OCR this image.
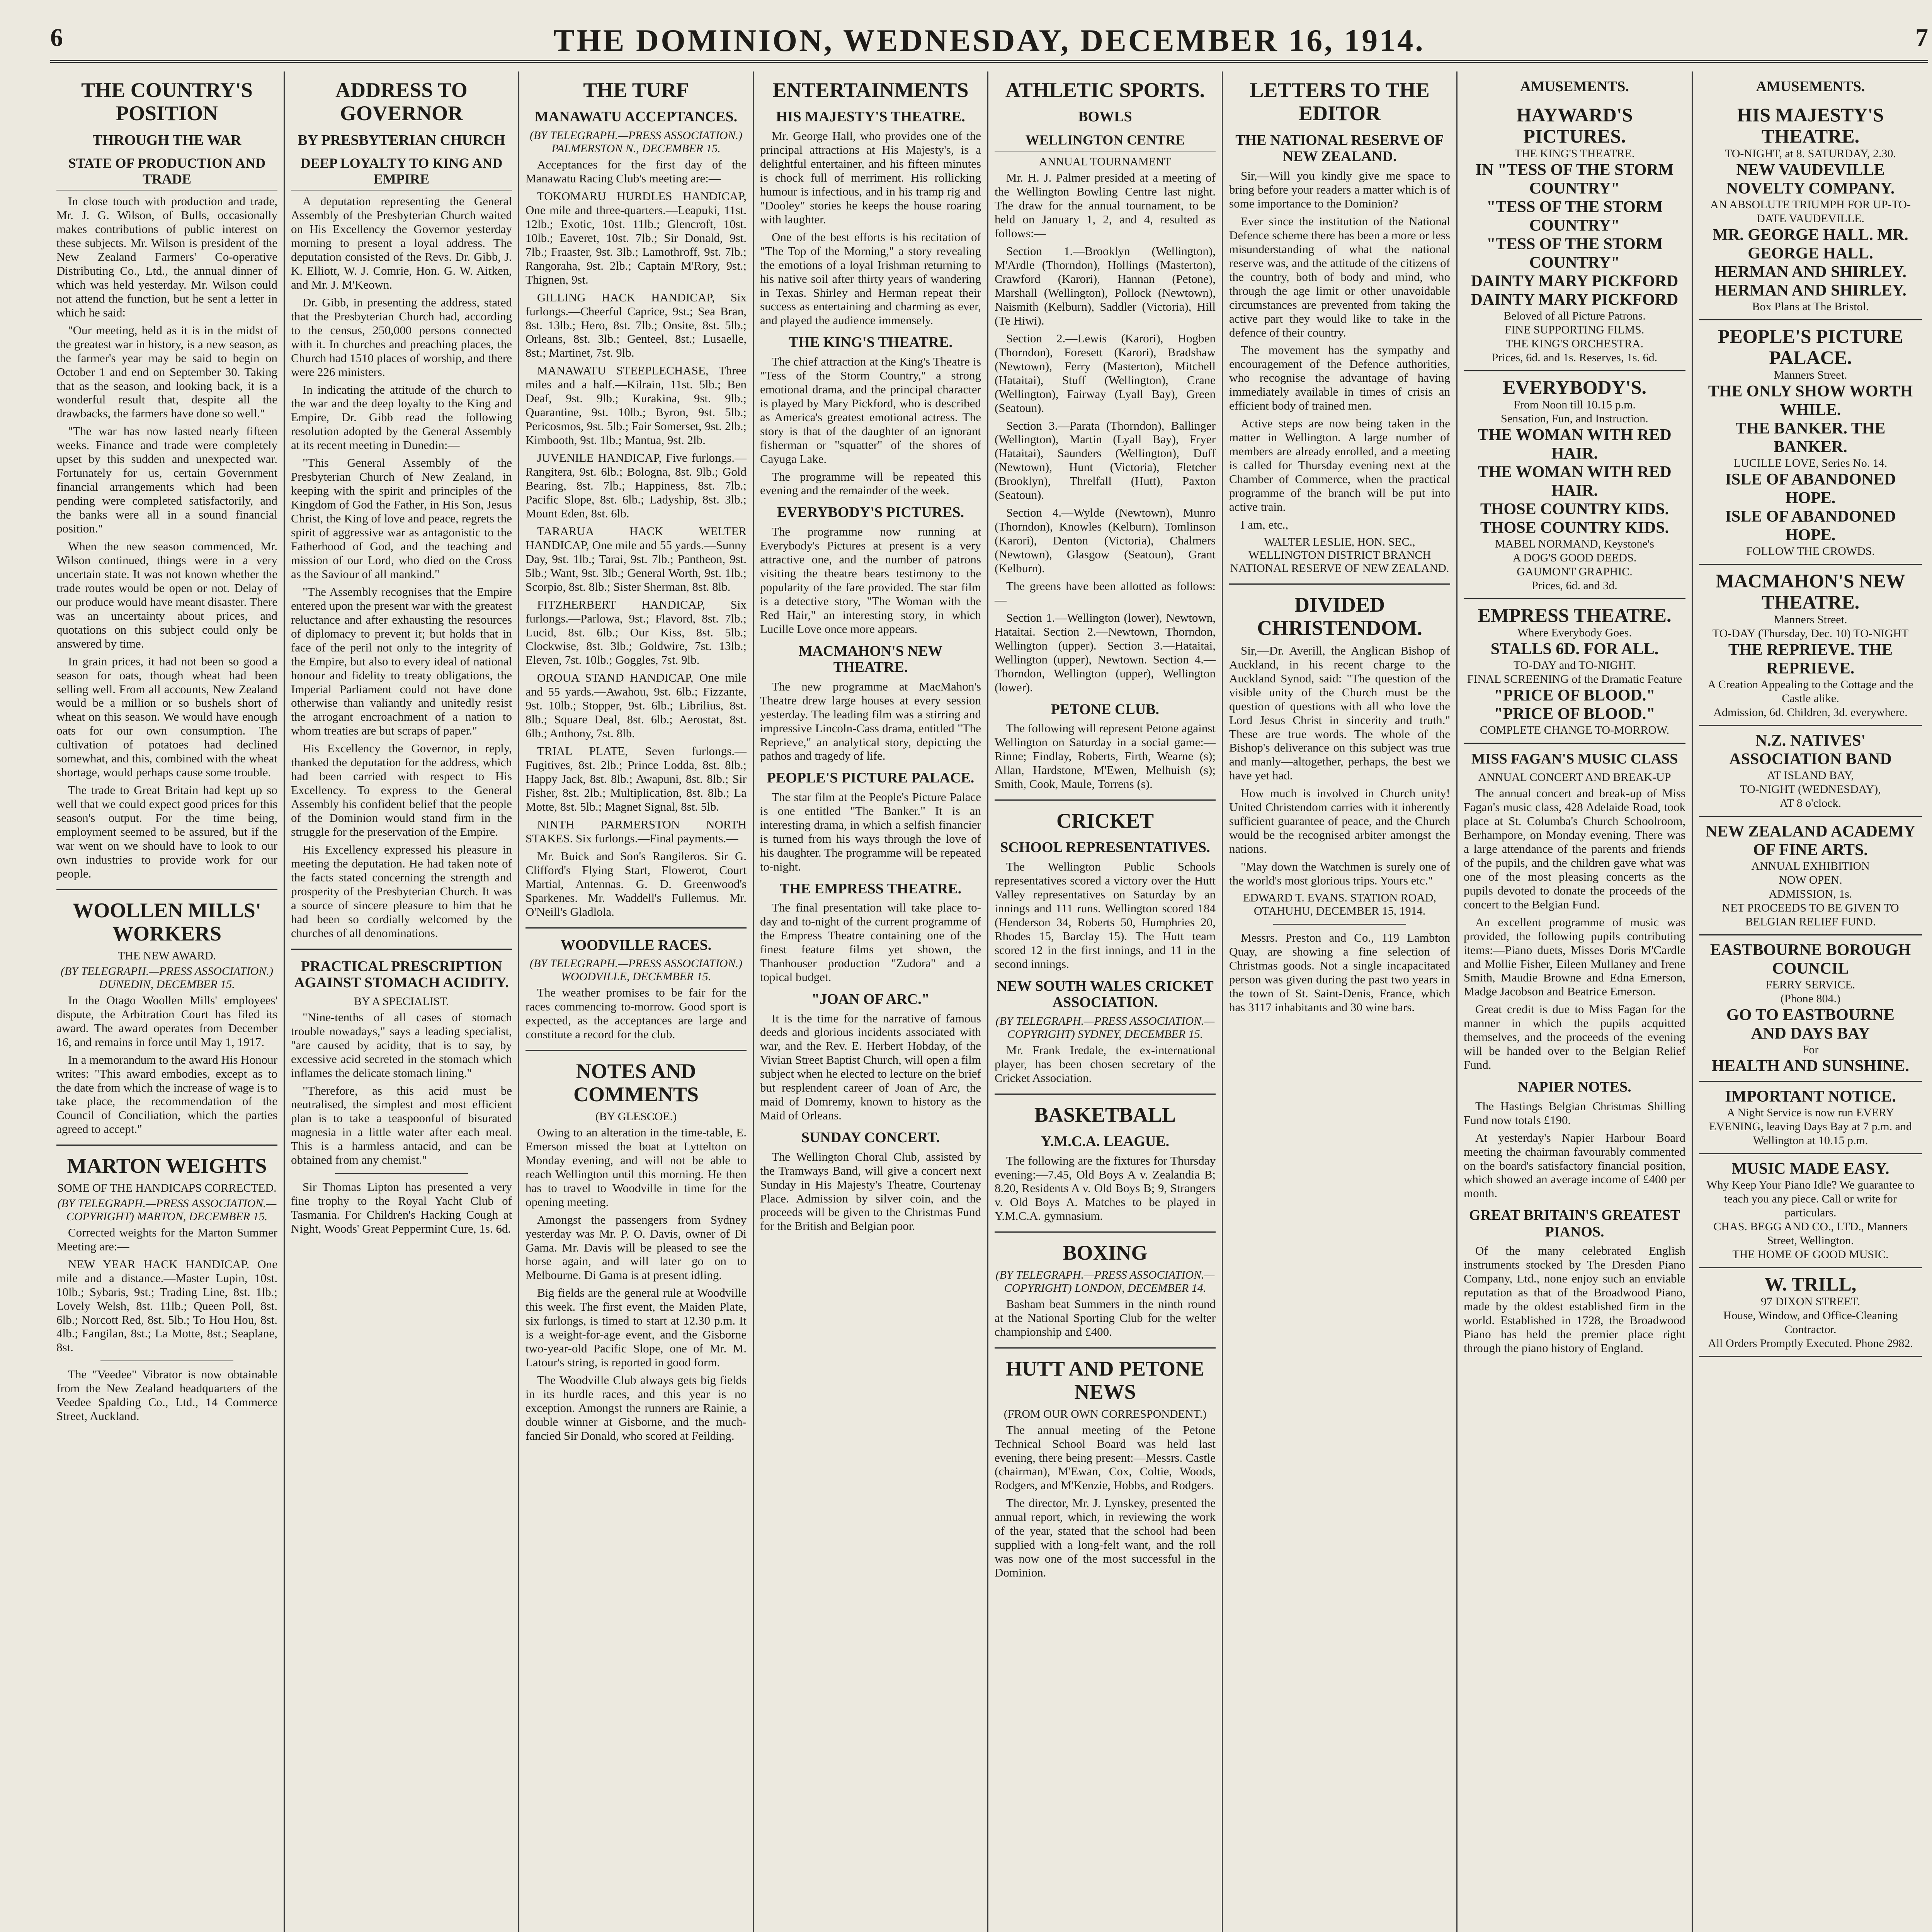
6	THE DOMINION, WEDNESDAY, DECEMBER 16, 1914.	7
THE COUNTRY'S POSITION
THROUGH THE WAR
STATE OF PRODUCTION AND TRADE

In close touch with production and trade, Mr. J. G. Wilson, of Bulls, occasionally makes contributions of public interest on these subjects. Mr. Wilson is president of the New Zealand Farmers' Co-operative Distributing Co., Ltd., the annual dinner of which was held yesterday. Mr. Wilson could not attend the function, but he sent a letter in which he said:

"Our meeting, held as it is in the midst of the greatest war in history, is a new season, as the farmer's year may be said to begin on October 1 and end on September 30. Taking that as the season, and looking back, it is a wonderful result that, despite all the drawbacks, the farmers have done so well."

"The war has now lasted nearly fifteen weeks. Finance and trade were completely upset by this sudden and unexpected war. Fortunately for us, certain Government financial arrangements which had been pending were completed satisfactorily, and the banks were all in a sound financial position."

When the new season commenced, Mr. Wilson continued, things were in a very uncertain state. It was not known whether the trade routes would be open or not. Delay of our produce would have meant disaster. There was an uncertainty about prices, and quotations on this subject could only be answered by time.

In grain prices, it had not been so good a season for oats, though wheat had been selling well. From all accounts, New Zealand would be a million or so bushels short of wheat on this season. We would have enough oats for our own consumption. The cultivation of potatoes had declined somewhat, and this, combined with the wheat shortage, would perhaps cause some trouble.

The trade to Great Britain had kept up so well that we could expect good prices for this season's output. For the time being, employment seemed to be assured, but if the war went on we should have to look to our own industries to provide work for our people.

WOOLLEN MILLS' WORKERS
THE NEW AWARD.
(BY TELEGRAPH.—PRESS ASSOCIATION.) DUNEDIN, DECEMBER 15.

In the Otago Woollen Mills' employees' dispute, the Arbitration Court has filed its award. The award operates from December 16, and remains in force until May 1, 1917.

In a memorandum to the award His Honour writes: "This award embodies, except as to the date from which the increase of wage is to take place, the recommendation of the Council of Conciliation, which the parties agreed to accept."

MARTON WEIGHTS
SOME OF THE HANDICAPS CORRECTED.
(BY TELEGRAPH.—PRESS ASSOCIATION.—COPYRIGHT) MARTON, DECEMBER 15.

Corrected weights for the Marton Summer Meeting are:—

NEW YEAR HACK HANDICAP. One mile and a distance.—Master Lupin, 10st. 10lb.; Sybaris, 9st.; Trading Line, 8st. 1lb.; Lovely Welsh, 8st. 11lb.; Queen Poll, 8st. 6lb.; Norcott Red, 8st. 5lb.; To Hou Hou, 8st. 4lb.; Fangilan, 8st.; La Motte, 8st.; Seaplane, 8st.

The "Veedee" Vibrator is now obtainable from the New Zealand headquarters of the Veedee Spalding Co., Ltd., 14 Commerce Street, Auckland.

ADDRESS TO GOVERNOR
BY PRESBYTERIAN CHURCH
DEEP LOYALTY TO KING AND EMPIRE

A deputation representing the General Assembly of the Presbyterian Church waited on His Excellency the Governor yesterday morning to present a loyal address. The deputation consisted of the Revs. Dr. Gibb, J. K. Elliott, W. J. Comrie, Hon. G. W. Aitken, and Mr. J. M'Keown.

Dr. Gibb, in presenting the address, stated that the Presbyterian Church had, according to the census, 250,000 persons connected with it. In churches and preaching places, the Church had 1510 places of worship, and there were 226 ministers.

In indicating the attitude of the church to the war and the deep loyalty to the King and Empire, Dr. Gibb read the following resolution adopted by the General Assembly at its recent meeting in Dunedin:—

"This General Assembly of the Presbyterian Church of New Zealand, in keeping with the spirit and principles of the Kingdom of God the Father, in His Son, Jesus Christ, the King of love and peace, regrets the spirit of aggressive war as antagonistic to the Fatherhood of God, and the teaching and mission of our Lord, who died on the Cross as the Saviour of all mankind."

"The Assembly recognises that the Empire entered upon the present war with the greatest reluctance and after exhausting the resources of diplomacy to prevent it; but holds that in face of the peril not only to the integrity of the Empire, but also to every ideal of national honour and fidelity to treaty obligations, the Imperial Parliament could not have done otherwise than valiantly and unitedly resist the arrogant encroachment of a nation to whom treaties are but scraps of paper."

His Excellency the Governor, in reply, thanked the deputation for the address, which had been carried with respect to His Excellency. To express to the General Assembly his confident belief that the people of the Dominion would stand firm in the struggle for the preservation of the Empire.

His Excellency expressed his pleasure in meeting the deputation. He had taken note of the facts stated concerning the strength and prosperity of the Presbyterian Church. It was a source of sincere pleasure to him that he had been so cordially welcomed by the churches of all denominations.

PRACTICAL PRESCRIPTION AGAINST STOMACH ACIDITY.
BY A SPECIALIST.

"Nine-tenths of all cases of stomach trouble nowadays," says a leading specialist, "are caused by acidity, that is to say, by excessive acid secreted in the stomach which inflames the delicate stomach lining."

"Therefore, as this acid must be neutralised, the simplest and most efficient plan is to take a teaspoonful of bisurated magnesia in a little water after each meal. This is a harmless antacid, and can be obtained from any chemist."

Sir Thomas Lipton has presented a very fine trophy to the Royal Yacht Club of Tasmania. For Children's Hacking Cough at Night, Woods' Great Peppermint Cure, 1s. 6d.

THE TURF
MANAWATU ACCEPTANCES.
(BY TELEGRAPH.—PRESS ASSOCIATION.) PALMERSTON N., DECEMBER 15.

Acceptances for the first day of the Manawatu Racing Club's meeting are:—

TOKOMARU HURDLES HANDICAP, One mile and three-quarters.—Leapuki, 11st. 12lb.; Exotic, 10st. 11lb.; Glencroft, 10st. 10lb.; Eaveret, 10st. 7lb.; Sir Donald, 9st. 7lb.; Fraaster, 9st. 3lb.; Lamothroff, 9st. 7lb.; Rangoraha, 9st. 2lb.; Captain M'Rory, 9st.; Thignen, 9st.

GILLING HACK HANDICAP, Six furlongs.—Cheerful Caprice, 9st.; Sea Bran, 8st. 13lb.; Hero, 8st. 7lb.; Onsite, 8st. 5lb.; Orleans, 8st. 3lb.; Genteel, 8st.; Lusaelle, 8st.; Martinet, 7st. 9lb.

MANAWATU STEEPLECHASE, Three miles and a half.—Kilrain, 11st. 5lb.; Ben Deaf, 9st. 9lb.; Kurakina, 9st. 9lb.; Quarantine, 9st. 10lb.; Byron, 9st. 5lb.; Pericosmos, 9st. 5lb.; Fair Somerset, 9st. 2lb.; Kimbooth, 9st. 1lb.; Mantua, 9st. 2lb.

JUVENILE HANDICAP, Five furlongs.—Rangitera, 9st. 6lb.; Bologna, 8st. 9lb.; Gold Bearing, 8st. 7lb.; Happiness, 8st. 7lb.; Pacific Slope, 8st. 6lb.; Ladyship, 8st. 3lb.; Mount Eden, 8st. 6lb.

TARARUA HACK WELTER HANDICAP, One mile and 55 yards.—Sunny Day, 9st. 1lb.; Tarai, 9st. 7lb.; Pantheon, 9st. 5lb.; Want, 9st. 3lb.; General Worth, 9st. 1lb.; Scorpio, 8st. 8lb.; Sister Sherman, 8st. 8lb.

FITZHERBERT HANDICAP, Six furlongs.—Parlowa, 9st.; Flavord, 8st. 7lb.; Lucid, 8st. 6lb.; Our Kiss, 8st. 5lb.; Clockwise, 8st. 3lb.; Goldwire, 7st. 13lb.; Eleven, 7st. 10lb.; Goggles, 7st. 9lb.

OROUA STAND HANDICAP, One mile and 55 yards.—Awahou, 9st. 6lb.; Fizzante, 9st. 10lb.; Stopper, 9st. 6lb.; Librilius, 8st. 8lb.; Square Deal, 8st. 6lb.; Aerostat, 8st. 6lb.; Anthony, 7st. 8lb.

TRIAL PLATE, Seven furlongs.—Fugitives, 8st. 2lb.; Prince Lodda, 8st. 8lb.; Happy Jack, 8st. 8lb.; Awapuni, 8st. 8lb.; Sir Fisher, 8st. 2lb.; Multiplication, 8st. 8lb.; La Motte, 8st. 5lb.; Magnet Signal, 8st. 5lb.

NINTH PARMERSTON NORTH STAKES. Six furlongs.—Final payments.—

Mr. Buick and Son's Rangileros. Sir G. Clifford's Flying Start, Flowerot, Court Martial, Antennas. G. D. Greenwood's Sparkenes. Mr. Waddell's Fullemus. Mr. O'Neill's Gladlola.

WOODVILLE RACES.
(BY TELEGRAPH.—PRESS ASSOCIATION.) WOODVILLE, DECEMBER 15.

The weather promises to be fair for the races commencing to-morrow. Good sport is expected, as the acceptances are large and constitute a record for the club.

NOTES AND COMMENTS
(BY GLESCOE.)

Owing to an alteration in the time-table, E. Emerson missed the boat at Lyttelton on Monday evening, and will not be able to reach Wellington until this morning. He then has to travel to Woodville in time for the opening meeting.

Amongst the passengers from Sydney yesterday was Mr. P. O. Davis, owner of Di Gama. Mr. Davis will be pleased to see the horse again, and will later go on to Melbourne. Di Gama is at present idling.

Big fields are the general rule at Woodville this week. The first event, the Maiden Plate, six furlongs, is timed to start at 12.30 p.m. It is a weight-for-age event, and the Gisborne two-year-old Pacific Slope, one of Mr. M. Latour's string, is reported in good form.

The Woodville Club always gets big fields in its hurdle races, and this year is no exception. Amongst the runners are Rainie, a double winner at Gisborne, and the much-fancied Sir Donald, who scored at Feilding.

ENTERTAINMENTS
HIS MAJESTY'S THEATRE.

Mr. George Hall, who provides one of the principal attractions at His Majesty's, is a delightful entertainer, and his fifteen minutes is chock full of merriment. His rollicking humour is infectious, and in his tramp rig and "Dooley" stories he keeps the house roaring with laughter.

One of the best efforts is his recitation of "The Top of the Morning," a story revealing the emotions of a loyal Irishman returning to his native soil after thirty years of wandering in Texas. Shirley and Herman repeat their success as entertaining and charming as ever, and played the audience immensely.

THE KING'S THEATRE.

The chief attraction at the King's Theatre is "Tess of the Storm Country," a strong emotional drama, and the principal character is played by Mary Pickford, who is described as America's greatest emotional actress. The story is that of the daughter of an ignorant fisherman or "squatter" of the shores of Cayuga Lake.

The programme will be repeated this evening and the remainder of the week.

EVERYBODY'S PICTURES.

The programme now running at Everybody's Pictures at present is a very attractive one, and the number of patrons visiting the theatre bears testimony to the popularity of the fare provided. The star film is a detective story, "The Woman with the Red Hair," an interesting story, in which Lucille Love once more appears.

MACMAHON'S NEW THEATRE.

The new programme at MacMahon's Theatre drew large houses at every session yesterday. The leading film was a stirring and impressive Lincoln-Cass drama, entitled "The Reprieve," an analytical story, depicting the pathos and tragedy of life.

PEOPLE'S PICTURE PALACE.

The star film at the People's Picture Palace is one entitled "The Banker." It is an interesting drama, in which a selfish financier is turned from his ways through the love of his daughter. The programme will be repeated to-night.

THE EMPRESS THEATRE.

The final presentation will take place to-day and to-night of the current programme of the Empress Theatre containing one of the finest feature films yet shown, the Thanhouser production "Zudora" and a topical budget.

"JOAN OF ARC."

It is the time for the narrative of famous deeds and glorious incidents associated with war, and the Rev. E. Herbert Hobday, of the Vivian Street Baptist Church, will open a film subject when he elected to lecture on the brief but resplendent career of Joan of Arc, the maid of Domremy, known to history as the Maid of Orleans.

SUNDAY CONCERT.

The Wellington Choral Club, assisted by the Tramways Band, will give a concert next Sunday in His Majesty's Theatre, Courtenay Place. Admission by silver coin, and the proceeds will be given to the Christmas Fund for the British and Belgian poor.

ATHLETIC SPORTS.
BOWLS
WELLINGTON CENTRE
ANNUAL TOURNAMENT

Mr. H. J. Palmer presided at a meeting of the Wellington Bowling Centre last night. The draw for the annual tournament, to be held on January 1, 2, and 4, resulted as follows:—

Section 1.—Brooklyn (Wellington), M'Ardle (Thorndon), Hollings (Masterton), Crawford (Karori), Hannan (Petone), Marshall (Wellington), Pollock (Newtown), Naismith (Kelburn), Saddler (Victoria), Hill (Te Hiwi).

Section 2.—Lewis (Karori), Hogben (Thorndon), Foresett (Karori), Bradshaw (Newtown), Ferry (Masterton), Mitchell (Hataitai), Stuff (Wellington), Crane (Wellington), Fairway (Lyall Bay), Green (Seatoun).

Section 3.—Parata (Thorndon), Ballinger (Wellington), Martin (Lyall Bay), Fryer (Hataitai), Saunders (Wellington), Duff (Newtown), Hunt (Victoria), Fletcher (Brooklyn), Threlfall (Hutt), Paxton (Seatoun).

Section 4.—Wylde (Newtown), Munro (Thorndon), Knowles (Kelburn), Tomlinson (Karori), Denton (Victoria), Chalmers (Newtown), Glasgow (Seatoun), Grant (Kelburn).

The greens have been allotted as follows:—

Section 1.—Wellington (lower), Newtown, Hataitai. Section 2.—Newtown, Thorndon, Wellington (upper). Section 3.—Hataitai, Wellington (upper), Newtown. Section 4.—Thorndon, Wellington (upper), Wellington (lower).

PETONE CLUB.

The following will represent Petone against Wellington on Saturday in a social game:—Rinne; Findlay, Roberts, Firth, Wearne (s); Allan, Hardstone, M'Ewen, Melhuish (s); Smith, Cook, Maule, Torrens (s).

CRICKET
SCHOOL REPRESENTATIVES.

The Wellington Public Schools representatives scored a victory over the Hutt Valley representatives on Saturday by an innings and 111 runs. Wellington scored 184 (Henderson 34, Roberts 50, Humphries 20, Rhodes 15, Barclay 15). The Hutt team scored 12 in the first innings, and 11 in the second innings.

NEW SOUTH WALES CRICKET ASSOCIATION.
(BY TELEGRAPH.—PRESS ASSOCIATION.—COPYRIGHT) SYDNEY, DECEMBER 15.

Mr. Frank Iredale, the ex-international player, has been chosen secretary of the Cricket Association.

BASKETBALL
Y.M.C.A. LEAGUE.

The following are the fixtures for Thursday evening:—7.45, Old Boys A v. Zealandia B; 8.20, Residents A v. Old Boys B; 9, Strangers v. Old Boys A. Matches to be played in Y.M.C.A. gymnasium.

BOXING
(BY TELEGRAPH.—PRESS ASSOCIATION.—COPYRIGHT) LONDON, DECEMBER 14.

Basham beat Summers in the ninth round at the National Sporting Club for the welter championship and £400.

HUTT AND PETONE NEWS
(FROM OUR OWN CORRESPONDENT.)

The annual meeting of the Petone Technical School Board was held last evening, there being present:—Messrs. Castle (chairman), M'Ewan, Cox, Coltie, Woods, Rodgers, and M'Kenzie, Hobbs, and Rodgers.

The director, Mr. J. Lynskey, presented the annual report, which, in reviewing the work of the year, stated that the school had been supplied with a long-felt want, and the roll was now one of the most successful in the Dominion.

LETTERS TO THE EDITOR
THE NATIONAL RESERVE OF NEW ZEALAND.

Sir,—Will you kindly give me space to bring before your readers a matter which is of some importance to the Dominion?

Ever since the institution of the National Defence scheme there has been a more or less misunderstanding of what the national reserve was, and the attitude of the citizens of the country, both of body and mind, who through the age limit or other unavoidable circumstances are prevented from taking the active part they would like to take in the defence of their country.

The movement has the sympathy and encouragement of the Defence authorities, who recognise the advantage of having immediately available in times of crisis an efficient body of trained men.

Active steps are now being taken in the matter in Wellington. A large number of members are already enrolled, and a meeting is called for Thursday evening next at the Chamber of Commerce, when the practical programme of the branch will be put into active train.

I am, etc.,

WALTER LESLIE, HON. SEC., WELLINGTON DISTRICT BRANCH NATIONAL RESERVE OF NEW ZEALAND.
DIVIDED CHRISTENDOM.

Sir,—Dr. Averill, the Anglican Bishop of Auckland, in his recent charge to the Auckland Synod, said: "The question of the visible unity of the Church must be the question of questions with all who love the Lord Jesus Christ in sincerity and truth." These are true words. The whole of the Bishop's deliverance on this subject was true and manly—altogether, perhaps, the best we have yet had.

How much is involved in Church unity! United Christendom carries with it inherently sufficient guarantee of peace, and the Church would be the recognised arbiter amongst the nations.

"May down the Watchmen is surely one of the world's most glorious trips. Yours etc."

EDWARD T. EVANS. STATION ROAD, OTAHUHU, DECEMBER 15, 1914.

Messrs. Preston and Co., 119 Lambton Quay, are showing a fine selection of Christmas goods. Not a single incapacitated person was given during the past two years in the town of St. Saint-Denis, France, which has 3117 inhabitants and 30 wine bars.

AMUSEMENTS.
HAYWARD'S PICTURES.
THE KING'S THEATRE.
IN "TESS OF THE STORM COUNTRY"
"TESS OF THE STORM COUNTRY"
"TESS OF THE STORM COUNTRY"
DAINTY MARY PICKFORD
DAINTY MARY PICKFORD
Beloved of all Picture Patrons.
FINE SUPPORTING FILMS.
THE KING'S ORCHESTRA.
Prices, 6d. and 1s. Reserves, 1s. 6d.
EVERYBODY'S.
From Noon till 10.15 p.m.
Sensation, Fun, and Instruction.
THE WOMAN WITH RED HAIR.
THE WOMAN WITH RED HAIR.
THOSE COUNTRY KIDS.
THOSE COUNTRY KIDS.
MABEL NORMAND, Keystone's
A DOG'S GOOD DEEDS.
GAUMONT GRAPHIC.
Prices, 6d. and 3d.
EMPRESS THEATRE.
Where Everybody Goes.
STALLS 6D. FOR ALL.
TO-DAY and TO-NIGHT.
FINAL SCREENING of the Dramatic Feature
"PRICE OF BLOOD."
"PRICE OF BLOOD."
COMPLETE CHANGE TO-MORROW.
MISS FAGAN'S MUSIC CLASS
ANNUAL CONCERT AND BREAK-UP

The annual concert and break-up of Miss Fagan's music class, 428 Adelaide Road, took place at St. Columba's Church Schoolroom, Berhampore, on Monday evening. There was a large attendance of the parents and friends of the pupils, and the children gave what was one of the most pleasing concerts as the pupils devoted to donate the proceeds of the concert to the Belgian Fund.

An excellent programme of music was provided, the following pupils contributing items:—Piano duets, Misses Doris M'Cardle and Mollie Fisher, Eileen Mullaney and Irene Smith, Maudie Browne and Edna Emerson, Madge Jacobson and Beatrice Emerson.

Great credit is due to Miss Fagan for the manner in which the pupils acquitted themselves, and the proceeds of the evening will be handed over to the Belgian Relief Fund.

NAPIER NOTES.

The Hastings Belgian Christmas Shilling Fund now totals £190.

At yesterday's Napier Harbour Board meeting the chairman favourably commented on the board's satisfactory financial position, which showed an average income of £400 per month.

GREAT BRITAIN'S GREATEST PIANOS.

Of the many celebrated English instruments stocked by The Dresden Piano Company, Ltd., none enjoy such an enviable reputation as that of the Broadwood Piano, made by the oldest established firm in the world. Established in 1728, the Broadwood Piano has held the premier place right through the piano history of England.

AMUSEMENTS.
HIS MAJESTY'S THEATRE.
TO-NIGHT, at 8. SATURDAY, 2.30.
NEW VAUDEVILLE NOVELTY COMPANY.
AN ABSOLUTE TRIUMPH FOR UP-TO-DATE VAUDEVILLE.
MR. GEORGE HALL. MR. GEORGE HALL.
HERMAN AND SHIRLEY. HERMAN AND SHIRLEY.
Box Plans at The Bristol.
PEOPLE'S PICTURE PALACE.
Manners Street.
THE ONLY SHOW WORTH WHILE.
THE BANKER. THE BANKER.
LUCILLE LOVE, Series No. 14.
ISLE OF ABANDONED HOPE.
ISLE OF ABANDONED HOPE.
FOLLOW THE CROWDS.
MACMAHON'S NEW THEATRE.
Manners Street.
TO-DAY (Thursday, Dec. 10) TO-NIGHT
THE REPRIEVE. THE REPRIEVE.
A Creation Appealing to the Cottage and the Castle alike.
Admission, 6d. Children, 3d. everywhere.
N.Z. NATIVES' ASSOCIATION BAND
AT ISLAND BAY,
TO-NIGHT (WEDNESDAY),
AT 8 o'clock.
NEW ZEALAND ACADEMY OF FINE ARTS.
ANNUAL EXHIBITION
NOW OPEN.
ADMISSION, 1s.
NET PROCEEDS TO BE GIVEN TO BELGIAN RELIEF FUND.
EASTBOURNE BOROUGH COUNCIL
FERRY SERVICE.
(Phone 804.)
GO TO EASTBOURNE
AND DAYS BAY
For
HEALTH AND SUNSHINE.
IMPORTANT NOTICE.
A Night Service is now run EVERY EVENING, leaving Days Bay at 7 p.m. and Wellington at 10.15 p.m.
MUSIC MADE EASY.
Why Keep Your Piano Idle? We guarantee to teach you any piece. Call or write for particulars.
CHAS. BEGG AND CO., LTD., Manners Street, Wellington.
THE HOME OF GOOD MUSIC.
W. TRILL,
97 DIXON STREET.
House, Window, and Office-Cleaning Contractor.
All Orders Promptly Executed. Phone 2982.
